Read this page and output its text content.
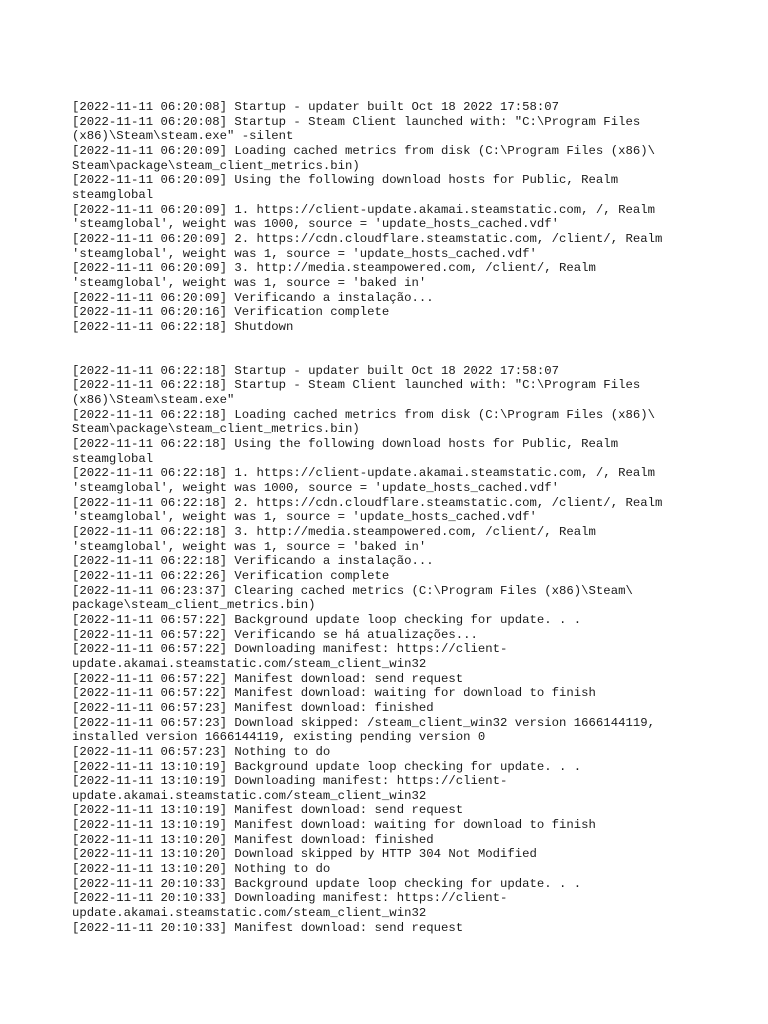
[2022-11-11 06:20:08] Startup - updater built Oct 18 2022 17:58:07
[2022-11-11 06:20:08] Startup - Steam Client launched with: "C:\Program Files
(x86)\Steam\steam.exe" -silent
[2022-11-11 06:20:09] Loading cached metrics from disk (C:\Program Files (x86)\
Steam\package\steam_client_metrics.bin)
[2022-11-11 06:20:09] Using the following download hosts for Public, Realm
steamglobal
[2022-11-11 06:20:09] 1. https://client-update.akamai.steamstatic.com, /, Realm
'steamglobal', weight was 1000, source = 'update_hosts_cached.vdf'
[2022-11-11 06:20:09] 2. https://cdn.cloudflare.steamstatic.com, /client/, Realm
'steamglobal', weight was 1, source = 'update_hosts_cached.vdf'
[2022-11-11 06:20:09] 3. http://media.steampowered.com, /client/, Realm
'steamglobal', weight was 1, source = 'baked in'
[2022-11-11 06:20:09] Verificando a instalação...
[2022-11-11 06:20:16] Verification complete
[2022-11-11 06:22:18] Shutdown
[2022-11-11 06:22:18] Startup - updater built Oct 18 2022 17:58:07
[2022-11-11 06:22:18] Startup - Steam Client launched with: "C:\Program Files
(x86)\Steam\steam.exe"
[2022-11-11 06:22:18] Loading cached metrics from disk (C:\Program Files (x86)\
Steam\package\steam_client_metrics.bin)
[2022-11-11 06:22:18] Using the following download hosts for Public, Realm
steamglobal
[2022-11-11 06:22:18] 1. https://client-update.akamai.steamstatic.com, /, Realm
'steamglobal', weight was 1000, source = 'update_hosts_cached.vdf'
[2022-11-11 06:22:18] 2. https://cdn.cloudflare.steamstatic.com, /client/, Realm
'steamglobal', weight was 1, source = 'update_hosts_cached.vdf'
[2022-11-11 06:22:18] 3. http://media.steampowered.com, /client/, Realm
'steamglobal', weight was 1, source = 'baked in'
[2022-11-11 06:22:18] Verificando a instalação...
[2022-11-11 06:22:26] Verification complete
[2022-11-11 06:23:37] Clearing cached metrics (C:\Program Files (x86)\Steam\
package\steam_client_metrics.bin)
[2022-11-11 06:57:22] Background update loop checking for update. . .
[2022-11-11 06:57:22] Verificando se há atualizações...
[2022-11-11 06:57:22] Downloading manifest: https://client-
update.akamai.steamstatic.com/steam_client_win32
[2022-11-11 06:57:22] Manifest download: send request
[2022-11-11 06:57:22] Manifest download: waiting for download to finish
[2022-11-11 06:57:23] Manifest download: finished
[2022-11-11 06:57:23] Download skipped: /steam_client_win32 version 1666144119,
installed version 1666144119, existing pending version 0
[2022-11-11 06:57:23] Nothing to do
[2022-11-11 13:10:19] Background update loop checking for update. . .
[2022-11-11 13:10:19] Downloading manifest: https://client-
update.akamai.steamstatic.com/steam_client_win32
[2022-11-11 13:10:19] Manifest download: send request
[2022-11-11 13:10:19] Manifest download: waiting for download to finish
[2022-11-11 13:10:20] Manifest download: finished
[2022-11-11 13:10:20] Download skipped by HTTP 304 Not Modified
[2022-11-11 13:10:20] Nothing to do
[2022-11-11 20:10:33] Background update loop checking for update. . .
[2022-11-11 20:10:33] Downloading manifest: https://client-
update.akamai.steamstatic.com/steam_client_win32
[2022-11-11 20:10:33] Manifest download: send request
